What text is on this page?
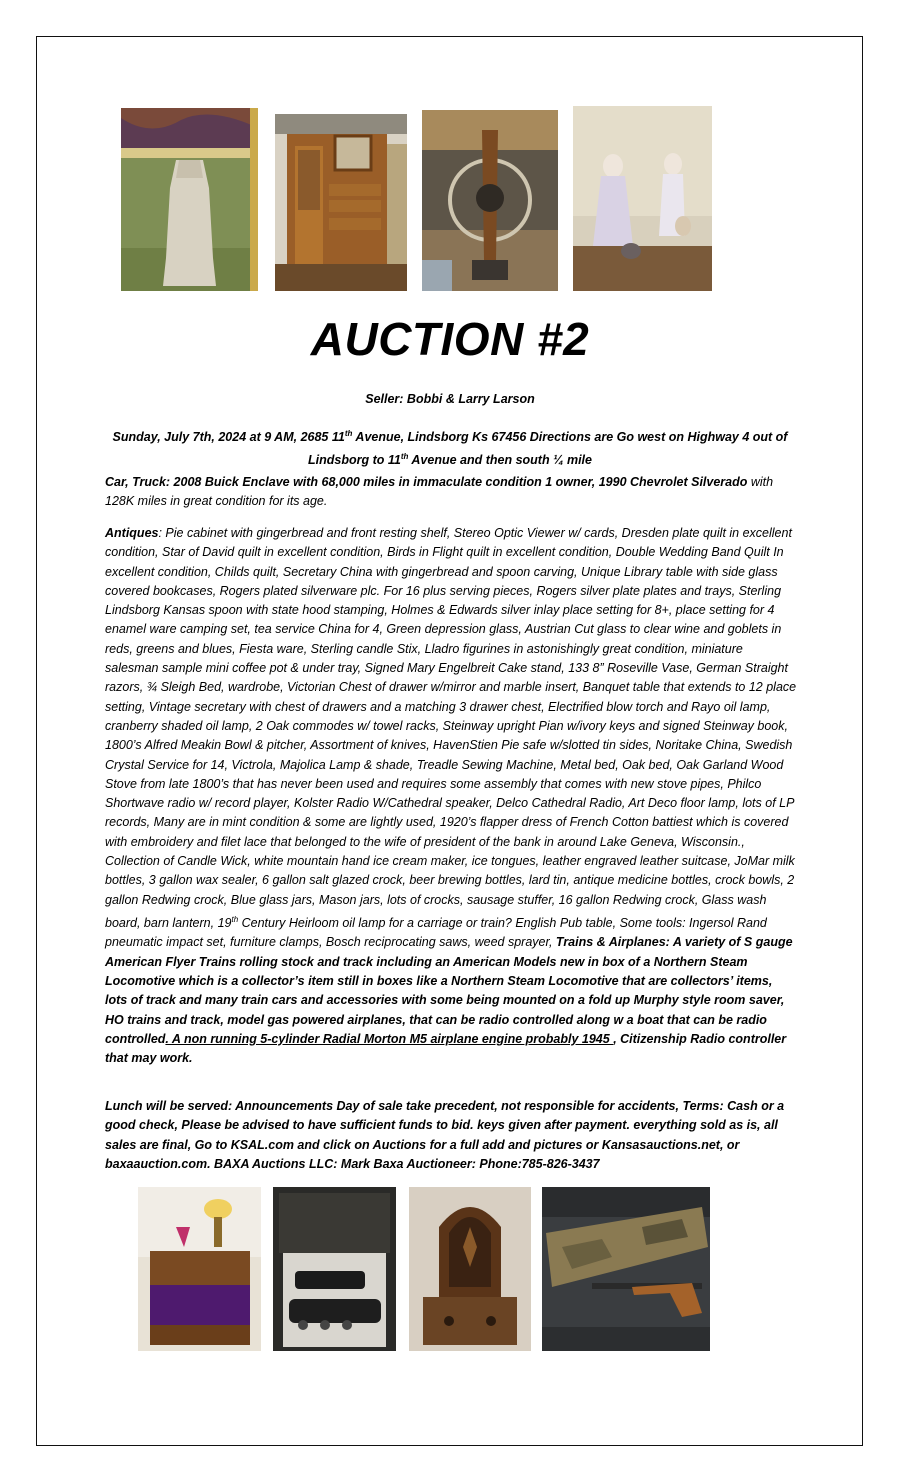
AUCTION #2
Seller: Bobbi & Larry Larson
Sunday, July 7th, 2024 at 9 AM, 2685 11th Avenue, Lindsborg Ks 67456 Directions are Go west on Highway 4 out of Lindsborg to 11th Avenue and then south ¼ mile

Car, Truck: 2008 Buick Enclave with 68,000 miles in immaculate condition 1 owner, 1990 Chevrolet Silverado with 128K miles in great condition for its age.

Antiques: Pie cabinet with gingerbread and front resting shelf, Stereo Optic Viewer w/ cards, Dresden plate quilt in excellent condition, Star of David quilt in excellent condition, Birds in Flight quilt in excellent condition, Double Wedding Band Quilt In excellent condition, Childs quilt, Secretary China with gingerbread and spoon carving, Unique Library table with side glass covered bookcases, Rogers plated silverware plc. For 16 plus serving pieces, Rogers silver plate plates and trays, Sterling Lindsborg Kansas spoon with state hood stamping, Holmes & Edwards silver inlay place setting for 8+, place setting for 4 enamel ware camping set, tea service China for 4, Green depression glass, Austrian Cut glass to clear wine and goblets in reds, greens and blues, Fiesta ware, Sterling candle Stix, Lladro figurines in astonishingly great condition, miniature salesman sample mini coffee pot & under tray, Signed Mary Engelbreit Cake stand, 133 8” Roseville Vase, German Straight razors, ¾ Sleigh Bed, wardrobe, Victorian Chest of drawer w/mirror and marble insert, Banquet table that extends to 12 place setting, Vintage secretary with chest of drawers and a matching 3 drawer chest, Electrified blow torch and Rayo oil lamp, cranberry shaded oil lamp, 2 Oak commodes w/ towel racks, Steinway upright Pian w/ivory keys and signed Steinway book, 1800’s Alfred Meakin Bowl & pitcher, Assortment of knives, HavenStien Pie safe w/slotted tin sides, Noritake China, Swedish Crystal Service for 14, Victrola, Majolica Lamp & shade, Treadle Sewing Machine, Metal bed, Oak bed, Oak Garland Wood Stove from late 1800’s that has never been used and requires some assembly that comes with new stove pipes, Philco Shortwave radio w/ record player, Kolster Radio W/Cathedral speaker, Delco Cathedral Radio, Art Deco floor lamp, lots of LP records, Many are in mint condition & some are lightly used, 1920’s flapper dress of French Cotton battiest which is covered with embroidery and filet lace that belonged to the wife of president of the bank in around Lake Geneva, Wisconsin., Collection of Candle Wick, white mountain hand ice cream maker, ice tongues, leather engraved leather suitcase, JoMar milk bottles, 3 gallon wax sealer, 6 gallon salt glazed crock, beer brewing bottles, lard tin, antique medicine bottles, crock bowls, 2 gallon Redwing crock, Blue glass jars, Mason jars, lots of crocks, sausage stuffer, 16 gallon Redwing crock, Glass wash board, barn lantern, 19th Century Heirloom oil lamp for a carriage or train? English Pub table, Some tools: Ingersol Rand pneumatic impact set, furniture clamps, Bosch reciprocating saws, weed sprayer, Trains & Airplanes: A variety of S gauge American Flyer Trains rolling stock and track including an American Models new in box of a Northern Steam Locomotive which is a collector’s item still in boxes like a Northern Steam Locomotive that are collectors’ items, lots of track and many train cars and accessories with some being mounted on a fold up Murphy style room saver, HO trains and track, model gas powered airplanes, that can be radio controlled along w a boat that can be radio controlled. A non running 5-cylinder Radial Morton M5 airplane engine probably 1945 , Citizenship Radio controller that may work.

Lunch will be served: Announcements Day of sale take precedent, not responsible for accidents, Terms: Cash or a good check, Please be advised to have sufficient funds to bid. keys given after payment. everything sold as is, all sales are final, Go to KSAL.com and click on Auctions for a full add and pictures or Kansasauctions.net, or baxaauction.com. BAXA Auctions LLC: Mark Baxa Auctioneer: Phone:785-826-3437
